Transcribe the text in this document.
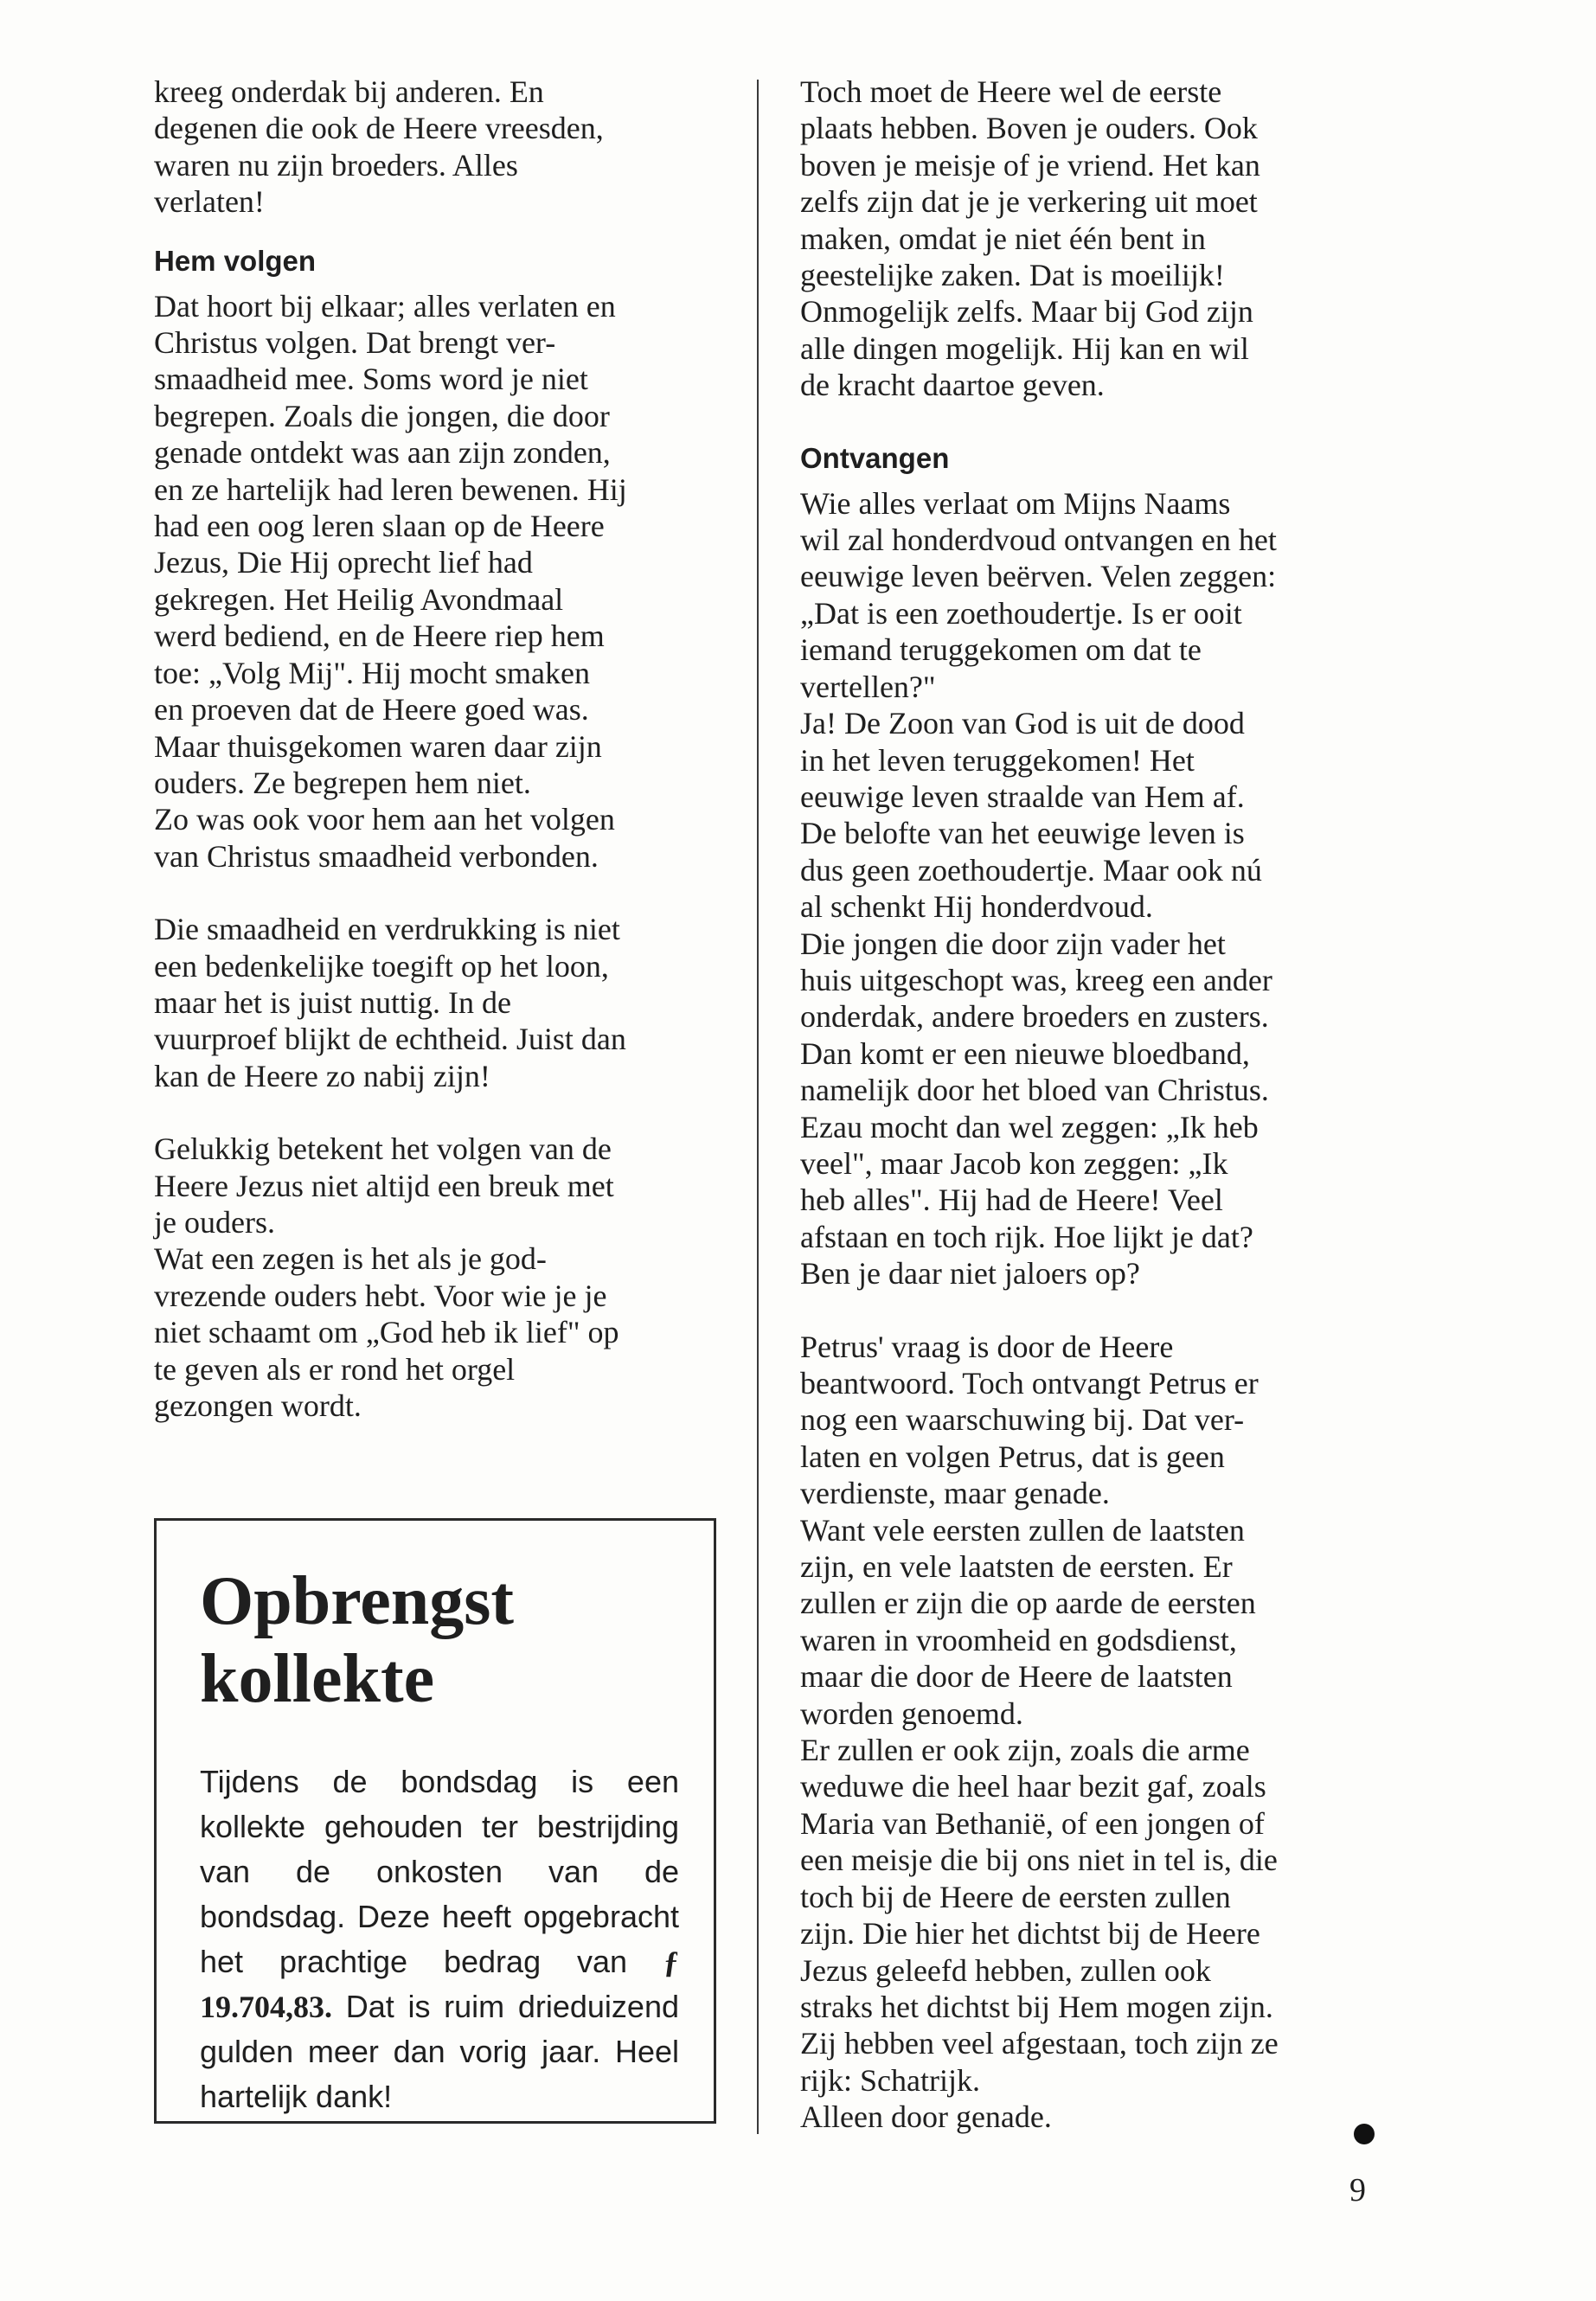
kreeg onderdak bij anderen. En
degenen die ook de Heere vreesden,
waren nu zijn broeders. Alles
verlaten!

Hem volgen

Dat hoort bij elkaar; alles verlaten en
Christus volgen. Dat brengt ver-
smaadheid mee. Soms word je niet
begrepen. Zoals die jongen, die door
genade ontdekt was aan zijn zonden,
en ze hartelijk had leren bewenen. Hij
had een oog leren slaan op de Heere
Jezus, Die Hij oprecht lief had
gekregen. Het Heilig Avondmaal
werd bediend, en de Heere riep hem
toe: „Volg Mij". Hij mocht smaken
en proeven dat de Heere goed was.
Maar thuisgekomen waren daar zijn
ouders. Ze begrepen hem niet.
Zo was ook voor hem aan het volgen
van Christus smaadheid verbonden.

Die smaadheid en verdrukking is niet
een bedenkelijke toegift op het loon,
maar het is juist nuttig. In de
vuurproef blijkt de echtheid. Juist dan
kan de Heere zo nabij zijn!

Gelukkig betekent het volgen van de
Heere Jezus niet altijd een breuk met
je ouders.
Wat een zegen is het als je god-
vrezende ouders hebt. Voor wie je je
niet schaamt om „God heb ik lief" op
te geven als er rond het orgel
gezongen wordt.

Opbrengst
kollekte
Tijdens de bondsdag is een kollekte gehouden ter bestrijding van de onkosten van de bondsdag. Deze heeft opgebracht het prachtige bedrag van ƒ 19.704,83. Dat is ruim drieduizend gulden meer dan vorig jaar. Heel hartelijk dank!

Toch moet de Heere wel de eerste
plaats hebben. Boven je ouders. Ook
boven je meisje of je vriend. Het kan
zelfs zijn dat je je verkering uit moet
maken, omdat je niet één bent in
geestelijke zaken. Dat is moeilijk!
Onmogelijk zelfs. Maar bij God zijn
alle dingen mogelijk. Hij kan en wil
de kracht daartoe geven.

Ontvangen

Wie alles verlaat om Mijns Naams
wil zal honderdvoud ontvangen en het
eeuwige leven beërven. Velen zeggen:
„Dat is een zoethoudertje. Is er ooit
iemand teruggekomen om dat te
vertellen?"
Ja! De Zoon van God is uit de dood
in het leven teruggekomen! Het
eeuwige leven straalde van Hem af.
De belofte van het eeuwige leven is
dus geen zoethoudertje. Maar ook nú
al schenkt Hij honderdvoud.
Die jongen die door zijn vader het
huis uitgeschopt was, kreeg een ander
onderdak, andere broeders en zusters.
Dan komt er een nieuwe bloedband,
namelijk door het bloed van Christus.
Ezau mocht dan wel zeggen: „Ik heb
veel", maar Jacob kon zeggen: „Ik
heb alles". Hij had de Heere! Veel
afstaan en toch rijk. Hoe lijkt je dat?
Ben je daar niet jaloers op?

Petrus' vraag is door de Heere
beantwoord. Toch ontvangt Petrus er
nog een waarschuwing bij. Dat ver-
laten en volgen Petrus, dat is geen
verdienste, maar genade.
Want vele eersten zullen de laatsten
zijn, en vele laatsten de eersten. Er
zullen er zijn die op aarde de eersten
waren in vroomheid en godsdienst,
maar die door de Heere de laatsten
worden genoemd.
Er zullen er ook zijn, zoals die arme
weduwe die heel haar bezit gaf, zoals
Maria van Bethanië, of een jongen of
een meisje die bij ons niet in tel is, die
toch bij de Heere de eersten zullen
zijn. Die hier het dichtst bij de Heere
Jezus geleefd hebben, zullen ook
straks het dichtst bij Hem mogen zijn.
Zij hebben veel afgestaan, toch zijn ze
rijk: Schatrijk.
Alleen door genade.

9
